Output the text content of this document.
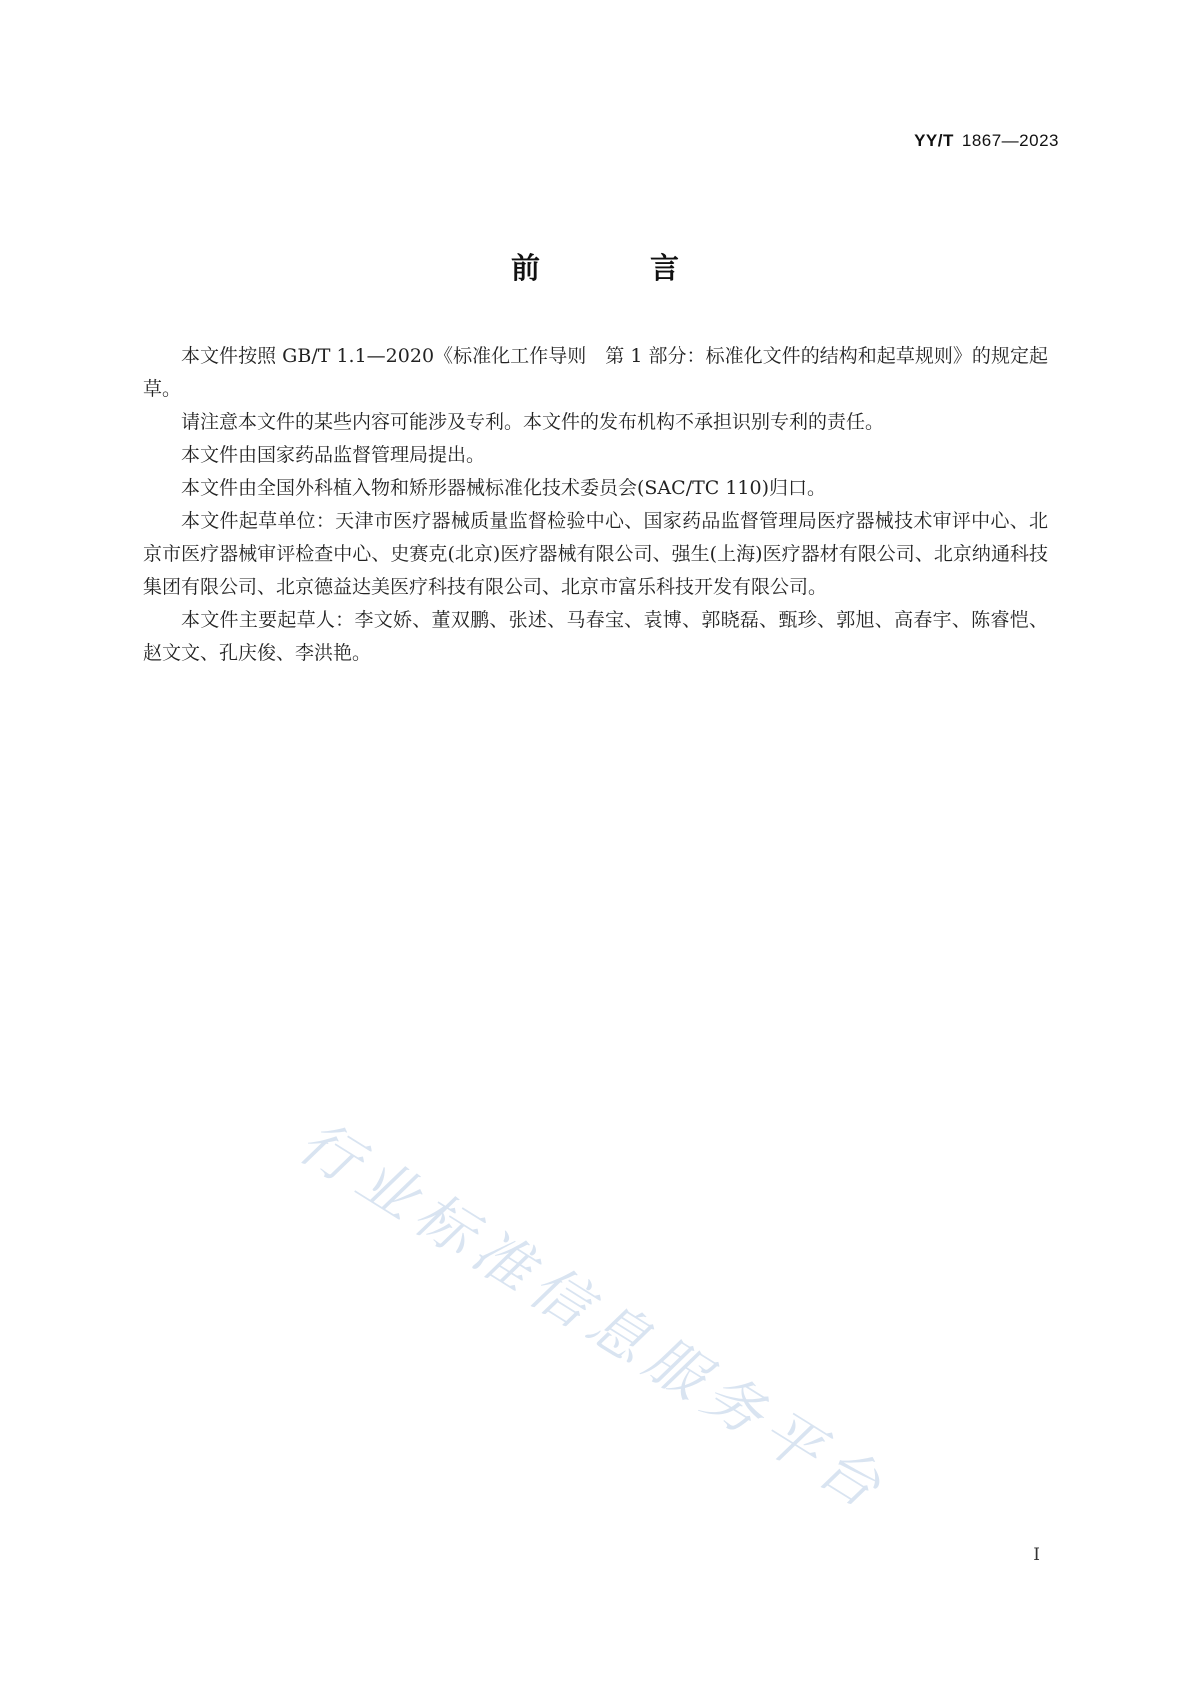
YY/T 1867—2023
前 言

本文件按照 GB/T 1.1—2020《标准化工作导则　第 1 部分：标准化文件的结构和起草规则》的规定起草。

请注意本文件的某些内容可能涉及专利。本文件的发布机构不承担识别专利的责任。

本文件由国家药品监督管理局提出。

本文件由全国外科植入物和矫形器械标准化技术委员会(SAC/TC 110)归口。

本文件起草单位：天津市医疗器械质量监督检验中心、国家药品监督管理局医疗器械技术审评中心、北京市医疗器械审评检查中心、史赛克(北京)医疗器械有限公司、强生(上海)医疗器材有限公司、北京纳通科技集团有限公司、北京德益达美医疗科技有限公司、北京市富乐科技开发有限公司。

本文件主要起草人：李文娇、董双鹏、张述、马春宝、袁博、郭晓磊、甄珍、郭旭、高春宇、陈睿恺、赵文文、孔庆俊、李洪艳。

行业标准信息服务平台
I
